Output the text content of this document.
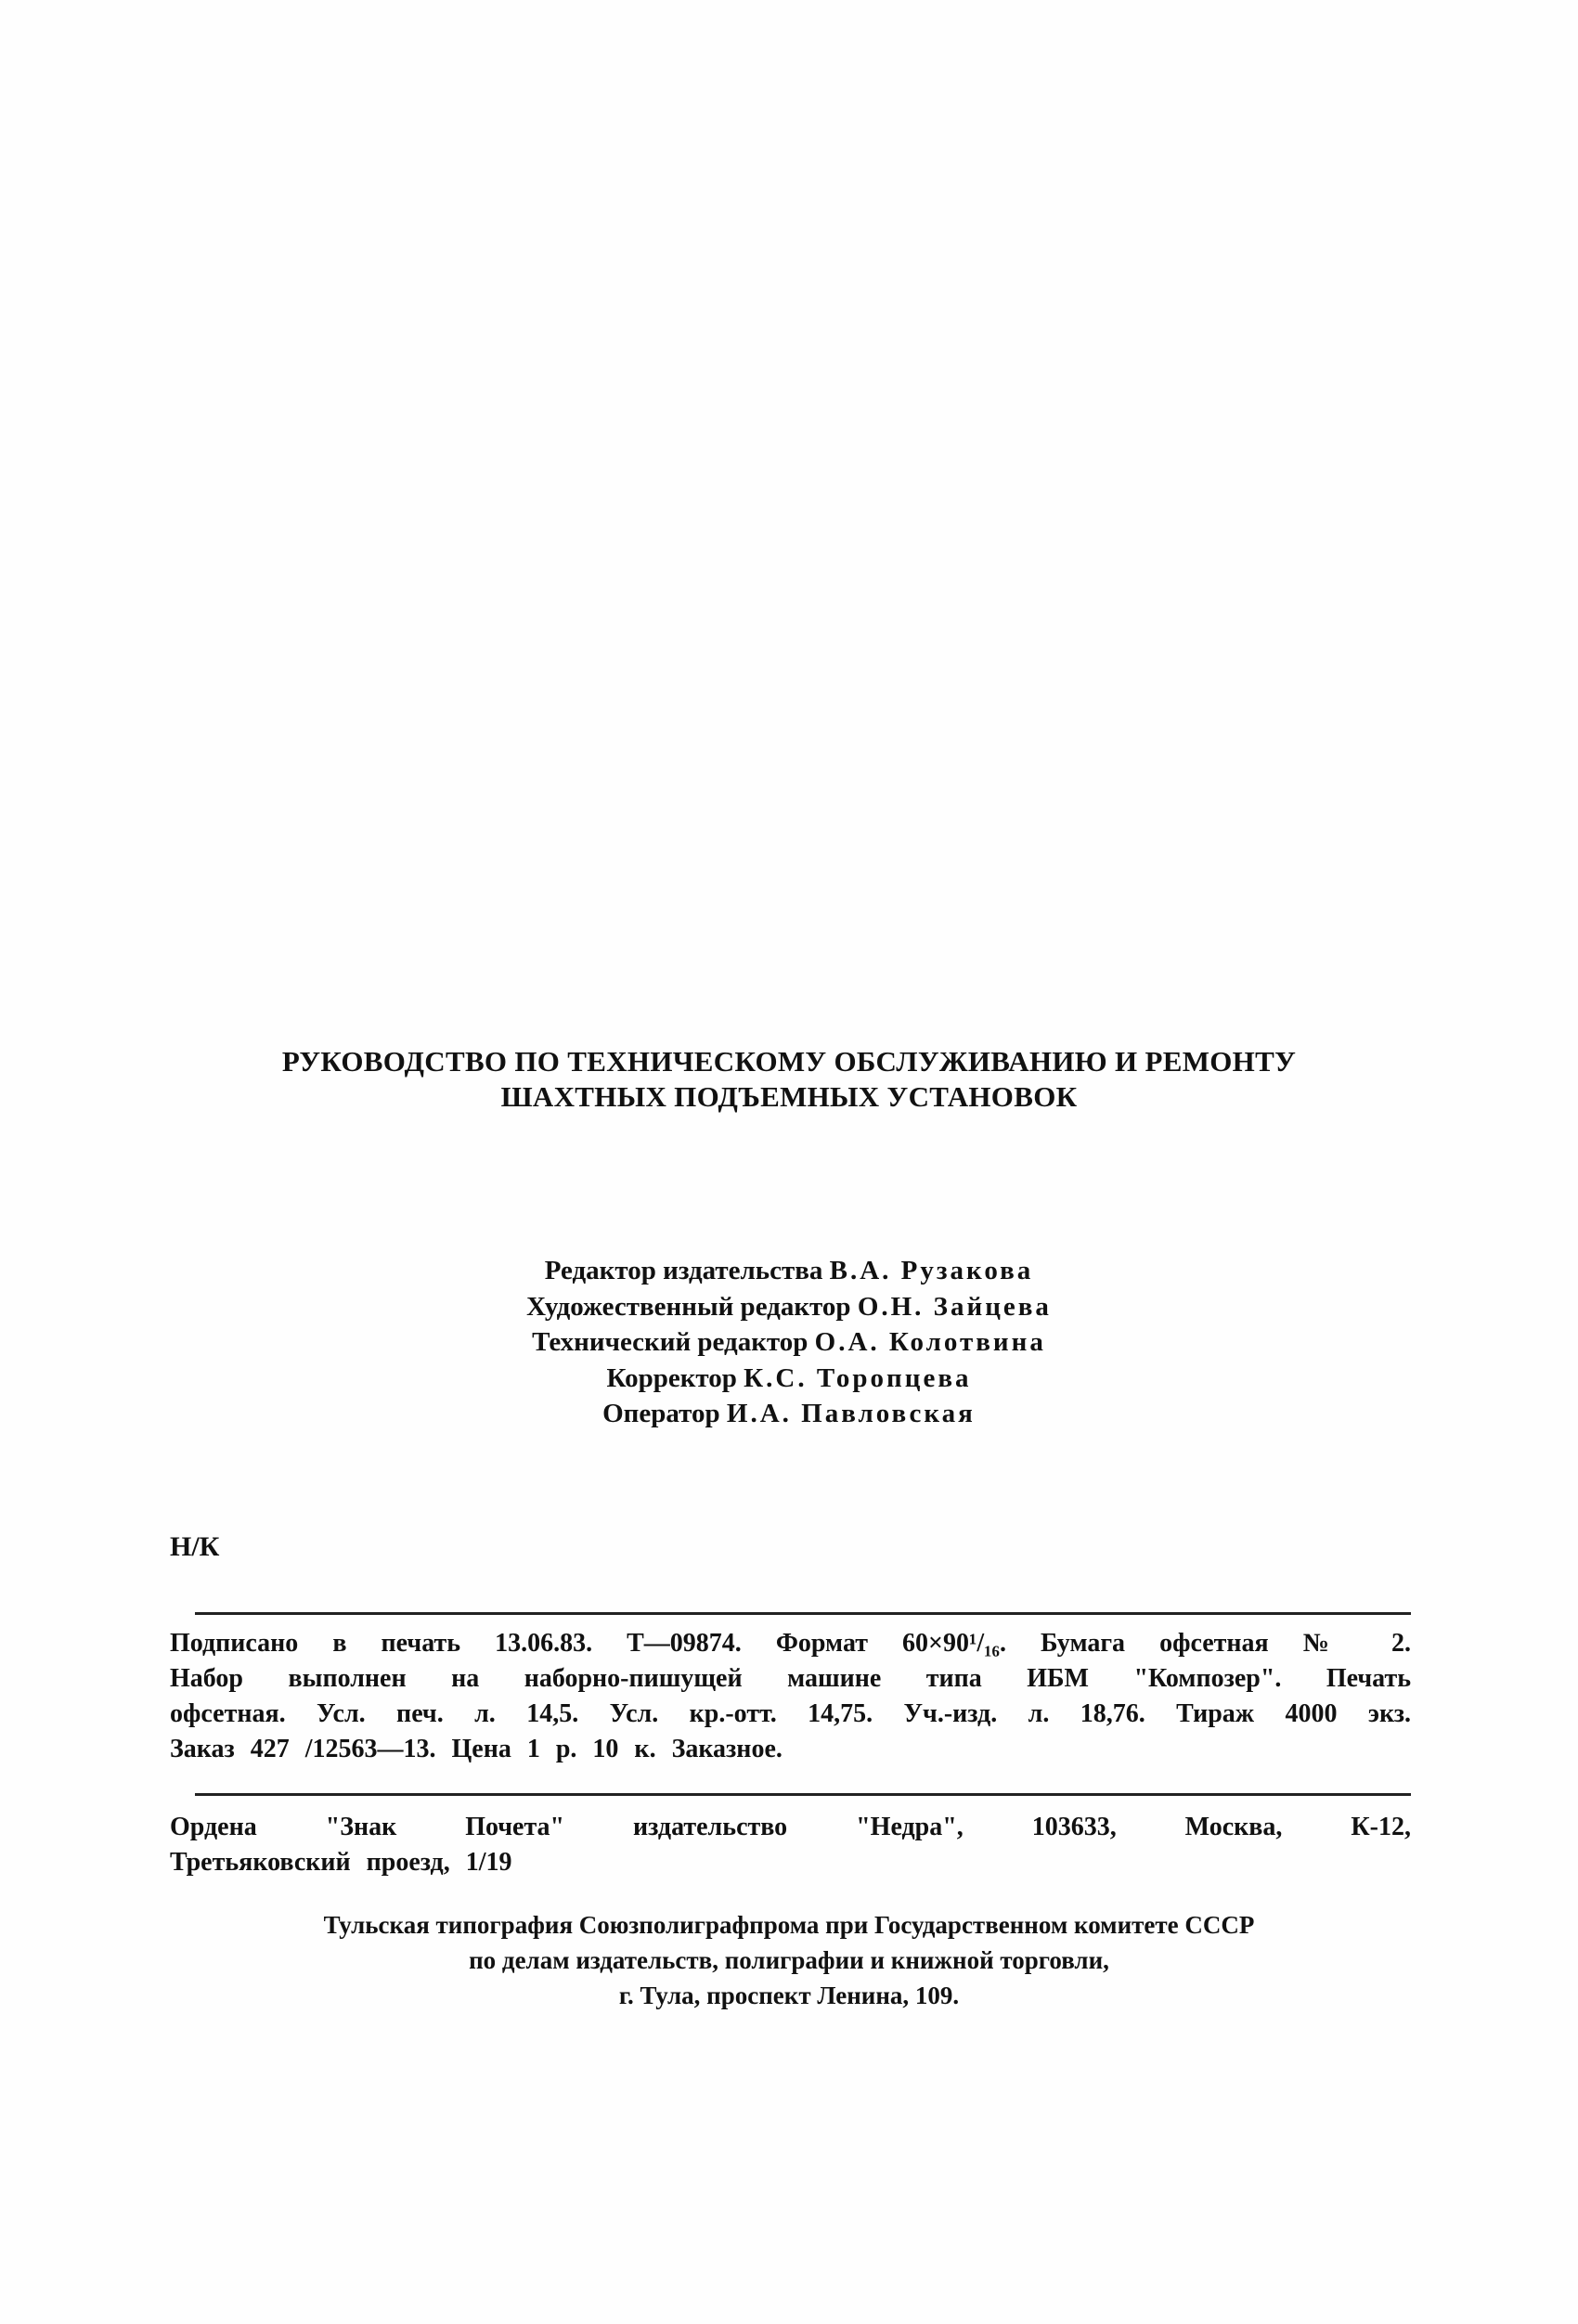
РУКОВОДСТВО ПО ТЕХНИЧЕСКОМУ ОБСЛУЖИВАНИЮ И РЕМОНТУ
ШАХТНЫХ ПОДЪЕМНЫХ УСТАНОВОК
Редактор издательства В.А. Рузакова
Художественный редактор О.Н. Зайцева
Технический редактор О.А. Колотвина
Корректор К.С. Торопцева
Оператор И.А. Павловская
Н/К
Подписано в печать 13.06.83. Т—09874. Формат 60×90¹/₁₆. Бумага офсетная № 2.
Набор выполнен на наборно-пишущей машине типа ИБМ "Композер". Печать
офсетная. Усл. печ. л. 14,5. Усл. кр.-отт. 14,75. Уч.-изд. л. 18,76. Тираж 4000 экз.
Заказ 427 /12563—13. Цена 1 р. 10 к. Заказное.
Ордена "Знак Почета" издательство "Недра", 103633, Москва, К-12,
Третьяковский проезд, 1/19
Тульская типография Союзполиграфпрома при Государственном комитете СССР
по делам издательств, полиграфии и книжной торговли,
г. Тула, проспект Ленина, 109.
